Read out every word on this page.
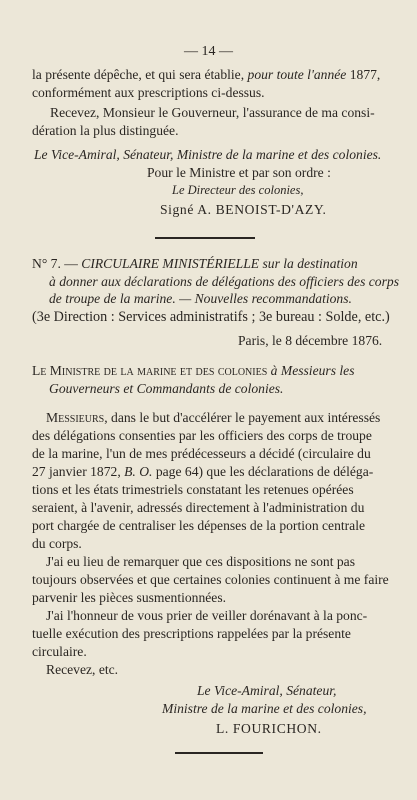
— 14 —
la présente dépêche, et qui sera établie, pour toute l'année 1877,
conformément aux prescriptions ci-dessus.
Recevez, Monsieur le Gouverneur, l'assurance de ma consi-
dération la plus distinguée.
Le Vice-Amiral, Sénateur, Ministre de la marine et des colonies.
Pour le Ministre et par son ordre :
Le Directeur des colonies,
Signé A. BENOIST-D'AZY.
N° 7. — CIRCULAIRE MINISTÉRIELLE sur la destination
à donner aux déclarations de délégations des officiers des corps
de troupe de la marine. — Nouvelles recommandations.
(3e Direction : Services administratifs ; 3e bureau : Solde, etc.)
Paris, le 8 décembre 1876.
Le Ministre de la marine et des colonies à Messieurs les
Gouverneurs et Commandants de colonies.
Messieurs, dans le but d'accélérer le payement aux intéressés
des délégations consenties par les officiers des corps de troupe
de la marine, l'un de mes prédécesseurs a décidé (circulaire du
27 janvier 1872, B. O. page 64) que les déclarations de déléga-
tions et les états trimestriels constatant les retenues opérées
seraient, à l'avenir, adressés directement à l'administration du
port chargée de centraliser les dépenses de la portion centrale
du corps.
J'ai eu lieu de remarquer que ces dispositions ne sont pas
toujours observées et que certaines colonies continuent à me faire
parvenir les pièces susmentionnées.
J'ai l'honneur de vous prier de veiller dorénavant à la ponc-
tuelle exécution des prescriptions rappelées par la présente
circulaire.
Recevez, etc.
Le Vice-Amiral, Sénateur,
Ministre de la marine et des colonies,
L. FOURICHON.
